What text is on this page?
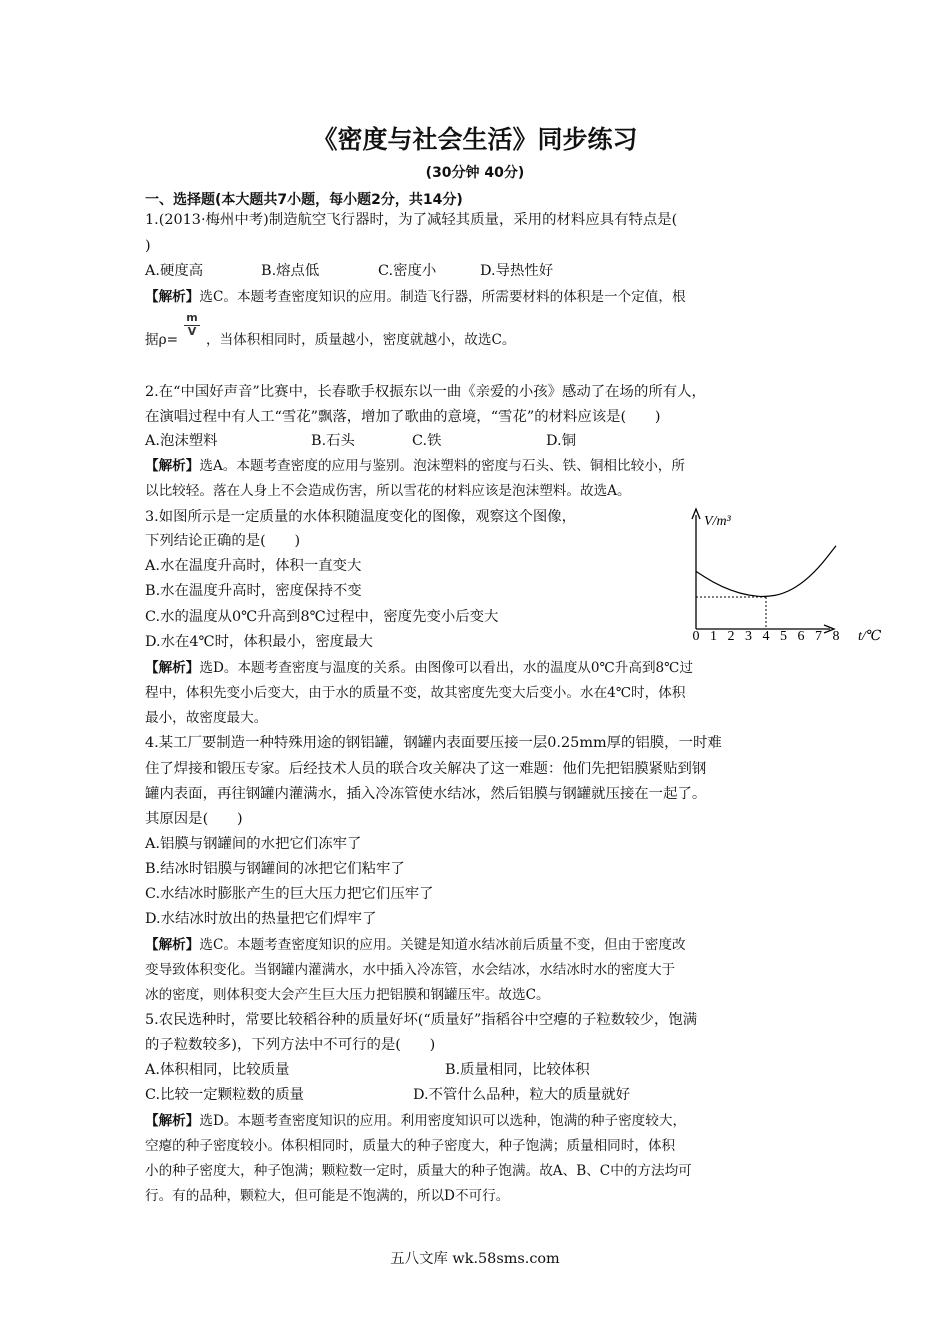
《密度与社会生活》同步练习
(30分钟 40分)
一、选择题(本大题共7小题，每小题2分，共14分)
1.(2013·梅州中考)制造航空飞行器时，为了减轻其质量，采用的材料应具有特点是(
)
A.硬度高	B.熔点低	C.密度小	D.导热性好
【解析】选C。本题考查密度知识的应用。制造飞行器，所需要材料的体积是一个定值，根
m
V
据ρ= ，当体积相同时，质量越小，密度就越小，故选C。
2.在“中国好声音”比赛中，长春歌手权振东以一曲《亲爱的小孩》感动了在场的所有人，
在演唱过程中有人工“雪花”飘落，增加了歌曲的意境，“雪花”的材料应该是(　　)
A.泡沫塑料	B.石头	C.铁	D.铜
【解析】选A。本题考查密度的应用与鉴别。泡沫塑料的密度与石头、铁、铜相比较小，所
以比较轻。落在人身上不会造成伤害，所以雪花的材料应该是泡沫塑料。故选A。
3.如图所示是一定质量的水体积随温度变化的图像，观察这个图像，
下列结论正确的是(　　)
A.水在温度升高时，体积一直变大
B.水在温度升高时，密度保持不变
C.水的温度从0℃升高到8℃过程中，密度先变小后变大
D.水在4℃时，体积最小，密度最大
V/m³
t/℃
0 1 2 3 4 5 6 7 8
【解析】选D。本题考查密度与温度的关系。由图像可以看出，水的温度从0℃升高到8℃过
程中，体积先变小后变大，由于水的质量不变，故其密度先变大后变小。水在4℃时，体积
最小，故密度最大。
4.某工厂要制造一种特殊用途的钢铝罐，钢罐内表面要压接一层0.25mm厚的铝膜，一时难
住了焊接和锻压专家。后经技术人员的联合攻关解决了这一难题：他们先把铝膜紧贴到钢
罐内表面，再往钢罐内灌满水，插入冷冻管使水结冰，然后铝膜与钢罐就压接在一起了。
其原因是(　　)
A.铝膜与钢罐间的水把它们冻牢了
B.结冰时铝膜与钢罐间的冰把它们粘牢了
C.水结冰时膨胀产生的巨大压力把它们压牢了
D.水结冰时放出的热量把它们焊牢了
【解析】选C。本题考查密度知识的应用。关键是知道水结冰前后质量不变，但由于密度改
变导致体积变化。当钢罐内灌满水，水中插入冷冻管，水会结冰，水结冰时水的密度大于
冰的密度，则体积变大会产生巨大压力把铝膜和钢罐压牢。故选C。
5.农民选种时，常要比较稻谷种的质量好坏(“质量好”指稻谷中空瘪的子粒数较少，饱满
的子粒数较多)，下列方法中不可行的是(　　)
A.体积相同，比较质量	B.质量相同，比较体积
C.比较一定颗粒数的质量	D.不管什么品种，粒大的质量就好
【解析】选D。本题考查密度知识的应用。利用密度知识可以选种，饱满的种子密度较大，
空瘪的种子密度较小。体积相同时，质量大的种子密度大，种子饱满；质量相同时，体积
小的种子密度大，种子饱满；颗粒数一定时，质量大的种子饱满。故A、B、C中的方法均可
行。有的品种，颗粒大，但可能是不饱满的，所以D不可行。
五八文库 wk.58sms.com
